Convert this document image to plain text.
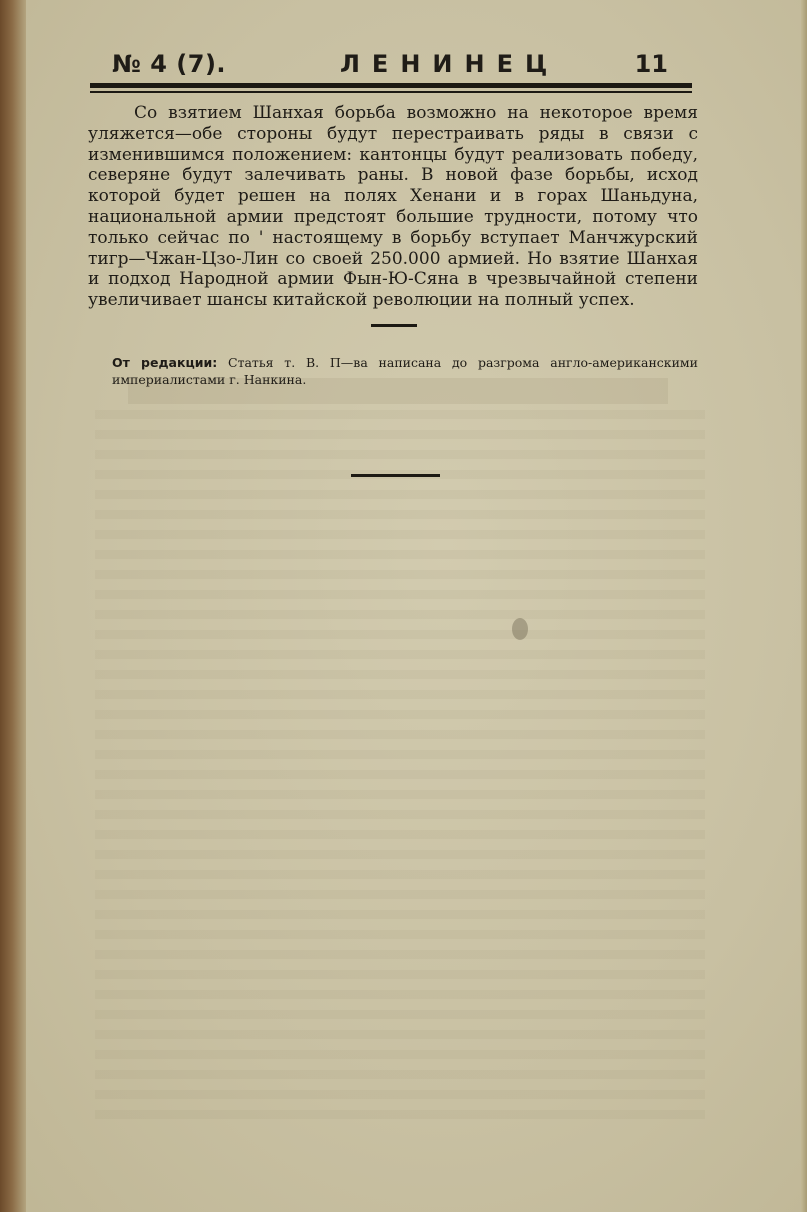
№ 4 (7).	ЛЕНИНЕЦ	11

Со взятием Шанхая борьба возможно на некоторое время уляжется—обе стороны будут перестраивать ряды в связи с изменившимся положением: кантонцы будут реализовать победу, северяне будут залечивать раны. В новой фазе борьбы, исход которой будет решен на полях Хенани и в горах Шаньдуна, национальной армии предстоят большие трудности, потому что только сейчас по ' настоящему в борьбу вступает Манчжурский тигр—Чжан-Цзо-Лин со своей 250.000 армией. Но взятие Шанхая и подход Народной армии Фын-Ю-Сяна в чрезвычайной степени увеличивает шансы китайской революции на полный успех.

От редакции: Статья т. В. П—ва написана до разгрома англо-американскими империалистами г. Нанкина.
